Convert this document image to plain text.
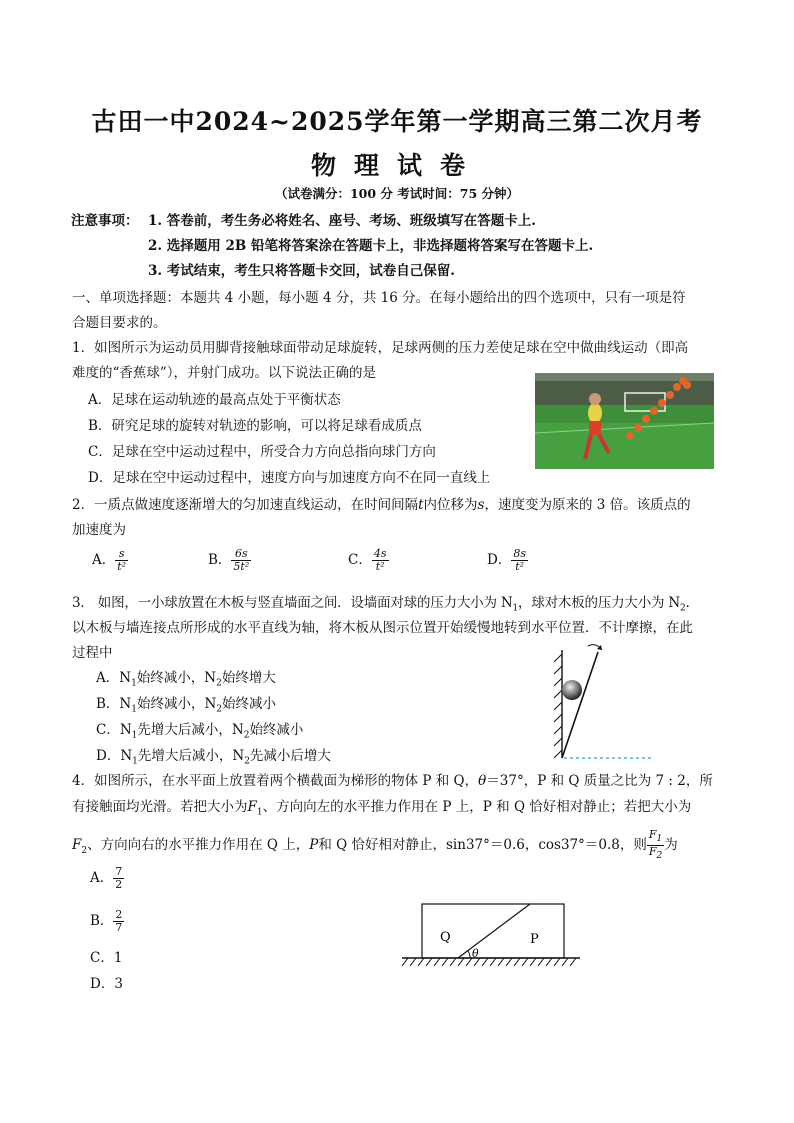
古田一中2024~2025学年第一学期高三第二次月考
物理试卷
（试卷满分：100 分 考试时间：75 分钟）
注意事项： 1. 答卷前，考生务必将姓名、座号、考场、班级填写在答题卡上.
2. 选择题用 2B 铅笔将答案涂在答题卡上，非选择题将答案写在答题卡上.
3. 考试结束，考生只将答题卡交回，试卷自己保留.
一、单项选择题：本题共 4 小题，每小题 4 分，共 16 分。在每小题给出的四个选项中，只有一项是符
合题目要求的。
1．如图所示为运动员用脚背接触球面带动足球旋转，足球两侧的压力差使足球在空中做曲线运动（即高
难度的“香蕉球”），并射门成功。以下说法正确的是
A．足球在运动轨迹的最高点处于平衡状态
B．研究足球的旋转对轨迹的影响，可以将足球看成质点
C．足球在空中运动过程中，所受合力方向总指向球门方向
D．足球在空中运动过程中，速度方向与加速度方向不在同一直线上
2．一质点做速度逐渐增大的匀加速直线运动，在时间间隔t内位移为s，速度变为原来的 3 倍。该质点的
加速度为
A． $\frac{s}{\text{t²}}$	B． $\frac{6s}{\text{5t²}}$	C． $\frac{4s}{\text{t²}}$	D． $\frac{8s}{\text{t²}}$
3． 如图，一小球放置在木板与竖直墙面之间．设墙面对球的压力大小为 $N_1$，球对木板的压力大小为 $N_2$．
以木板与墙连接点所形成的水平直线为轴，将木板从图示位置开始缓慢地转到水平位置．不计摩擦，在此
过程中
A．$N_1$始终减小，$N_2$始终增大
B．$N_1$始终减小，$N_2$始终减小
C．$N_1$先增大后减小，$N_2$始终减小
D．$N_1$先增大后减小，$N_2$先减小后增大
4．如图所示，在水平面上放置着两个横截面为梯形的物体 P 和 Q，θ＝37°，P 和 Q 质量之比为 7 : 2，所
有接触面均光滑。若把大小为$F_1$、方向向左的水平推力作用在 P 上，P 和 Q 恰好相对静止；若把大小为
$F_2$、方向向右的水平推力作用在 Q 上，P和 Q 恰好相对静止，sin37°＝0.6，cos37°＝0.8，则 $\frac{F_1}{F_2}$ 为
A． $\frac{7}{2}$
B． $\frac{2}{7}$
C．1
D．3
Q	P
θ
